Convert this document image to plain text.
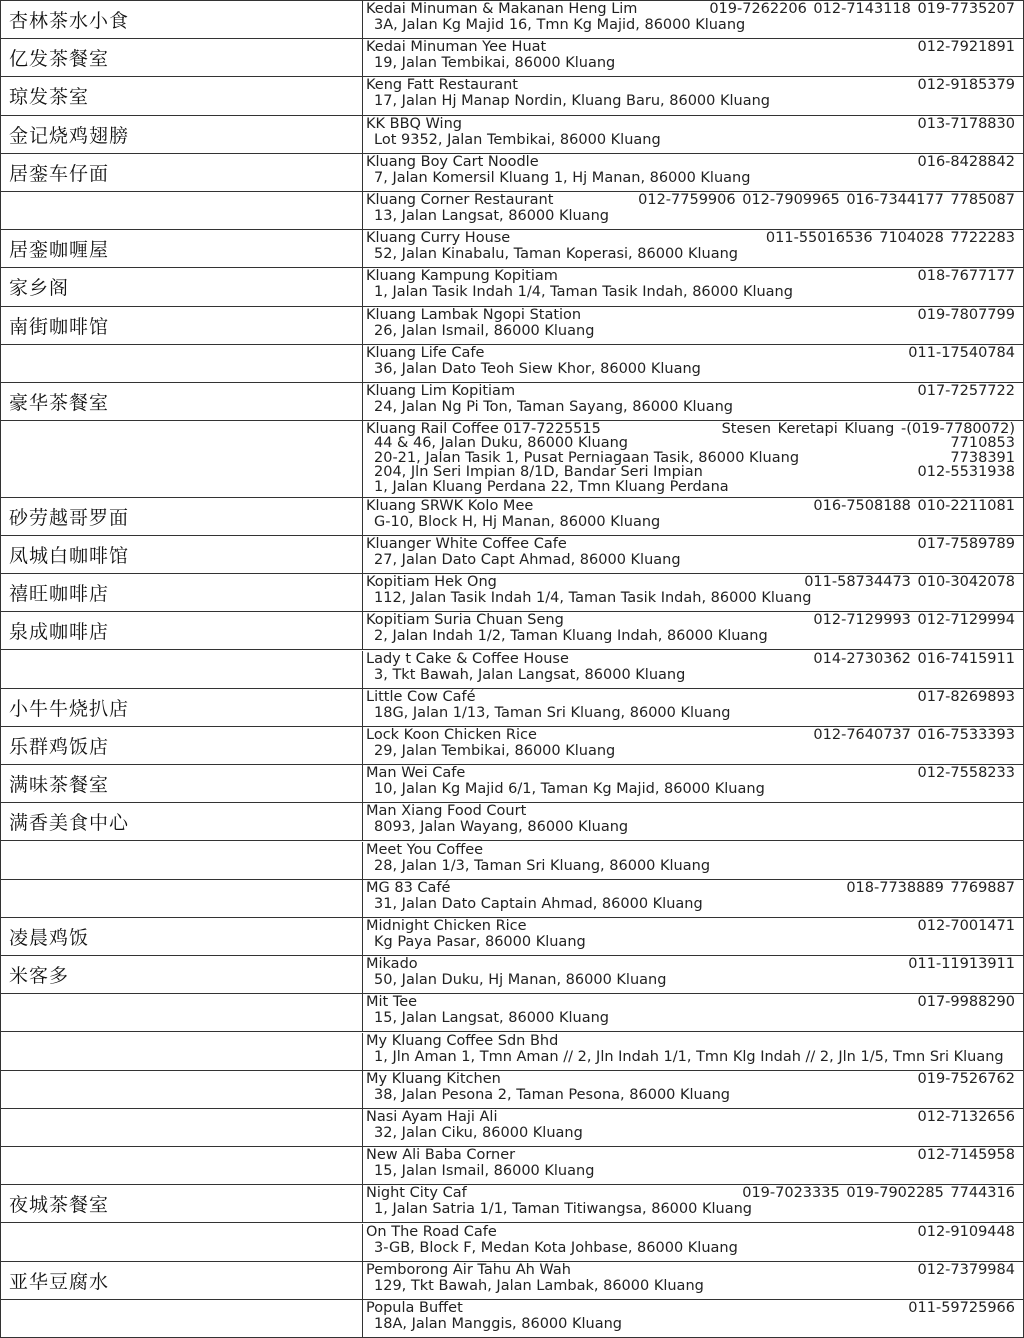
杏林茶水小食
Kedai Minuman & Makanan Heng Lim	019-7262206 012-7143118 019-7735207
3A, Jalan Kg Majid 16, Tmn Kg Majid, 86000 Kluang
亿发茶餐室
Kedai Minuman Yee Huat	012-7921891
19, Jalan Tembikai, 86000 Kluang
琼发茶室
Keng Fatt Restaurant	012-9185379
17, Jalan Hj Manap Nordin, Kluang Baru, 86000 Kluang
金记烧鸡翅膀
KK BBQ Wing	013-7178830
Lot 9352, Jalan Tembikai, 86000 Kluang
居銮车仔面
Kluang Boy Cart Noodle	016-8428842
7, Jalan Komersil Kluang 1, Hj Manan, 86000 Kluang
Kluang Corner Restaurant	012-7759906 012-7909965 016-7344177 7785087
13, Jalan Langsat, 86000 Kluang
居銮咖喱屋
Kluang Curry House	011-55016536 7104028 7722283
52, Jalan Kinabalu, Taman Koperasi, 86000 Kluang
家乡阁
Kluang Kampung Kopitiam	018-7677177
1, Jalan Tasik Indah 1/4, Taman Tasik Indah, 86000 Kluang
南街咖啡馆
Kluang Lambak Ngopi Station	019-7807799
26, Jalan Ismail, 86000 Kluang
Kluang Life Cafe	011-17540784
36, Jalan Dato Teoh Siew Khor, 86000 Kluang
豪华茶餐室
Kluang Lim Kopitiam	017-7257722
24, Jalan Ng Pi Ton, Taman Sayang, 86000 Kluang
Kluang Rail Coffee 017-7225515	Stesen Keretapi Kluang -(019-7780072)
44 & 46, Jalan Duku, 86000 Kluang	7710853
20-21, Jalan Tasik 1, Pusat Perniagaan Tasik, 86000 Kluang	7738391
204, Jln Seri Impian 8/1D, Bandar Seri Impian	012-5531938
1, Jalan Kluang Perdana 22, Tmn Kluang Perdana
砂劳越哥罗面
Kluang SRWK Kolo Mee	016-7508188 010-2211081
G-10, Block H, Hj Manan, 86000 Kluang
凤城白咖啡馆
Kluanger White Coffee Cafe	017-7589789
27, Jalan Dato Capt Ahmad, 86000 Kluang
禧旺咖啡店
Kopitiam Hek Ong	011-58734473 010-3042078
112, Jalan Tasik Indah 1/4, Taman Tasik Indah, 86000 Kluang
泉成咖啡店
Kopitiam Suria Chuan Seng	012-7129993 012-7129994
2, Jalan Indah 1/2, Taman Kluang Indah, 86000 Kluang
Lady t Cake & Coffee House	014-2730362 016-7415911
3, Tkt Bawah, Jalan Langsat, 86000 Kluang
小牛牛烧扒店
Little Cow Café	017-8269893
18G, Jalan 1/13, Taman Sri Kluang, 86000 Kluang
乐群鸡饭店
Lock Koon Chicken Rice	012-7640737 016-7533393
29, Jalan Tembikai, 86000 Kluang
满味茶餐室
Man Wei Cafe	012-7558233
10, Jalan Kg Majid 6/1, Taman Kg Majid, 86000 Kluang
满香美食中心
Man Xiang Food Court
8093, Jalan Wayang, 86000 Kluang
Meet You Coffee
28, Jalan 1/3, Taman Sri Kluang, 86000 Kluang
MG 83 Café	018-7738889 7769887
31, Jalan Dato Captain Ahmad, 86000 Kluang
凌晨鸡饭
Midnight Chicken Rice	012-7001471
Kg Paya Pasar, 86000 Kluang
米客多
Mikado	011-11913911
50, Jalan Duku, Hj Manan, 86000 Kluang
Mit Tee	017-9988290
15, Jalan Langsat, 86000 Kluang
My Kluang Coffee Sdn Bhd
1, Jln Aman 1, Tmn Aman // 2, Jln Indah 1/1, Tmn Klg Indah // 2, Jln 1/5, Tmn Sri Kluang
My Kluang Kitchen	019-7526762
38, Jalan Pesona 2, Taman Pesona, 86000 Kluang
Nasi Ayam Haji Ali	012-7132656
32, Jalan Ciku, 86000 Kluang
New Ali Baba Corner	012-7145958
15, Jalan Ismail, 86000 Kluang
夜城茶餐室
Night City Caf	019-7023335 019-7902285 7744316
1, Jalan Satria 1/1, Taman Titiwangsa, 86000 Kluang
On The Road Cafe	012-9109448
3-GB, Block F, Medan Kota Johbase, 86000 Kluang
亚华豆腐水
Pemborong Air Tahu Ah Wah	012-7379984
129, Tkt Bawah, Jalan Lambak, 86000 Kluang
Popula Buffet	011-59725966
18A, Jalan Manggis, 86000 Kluang
